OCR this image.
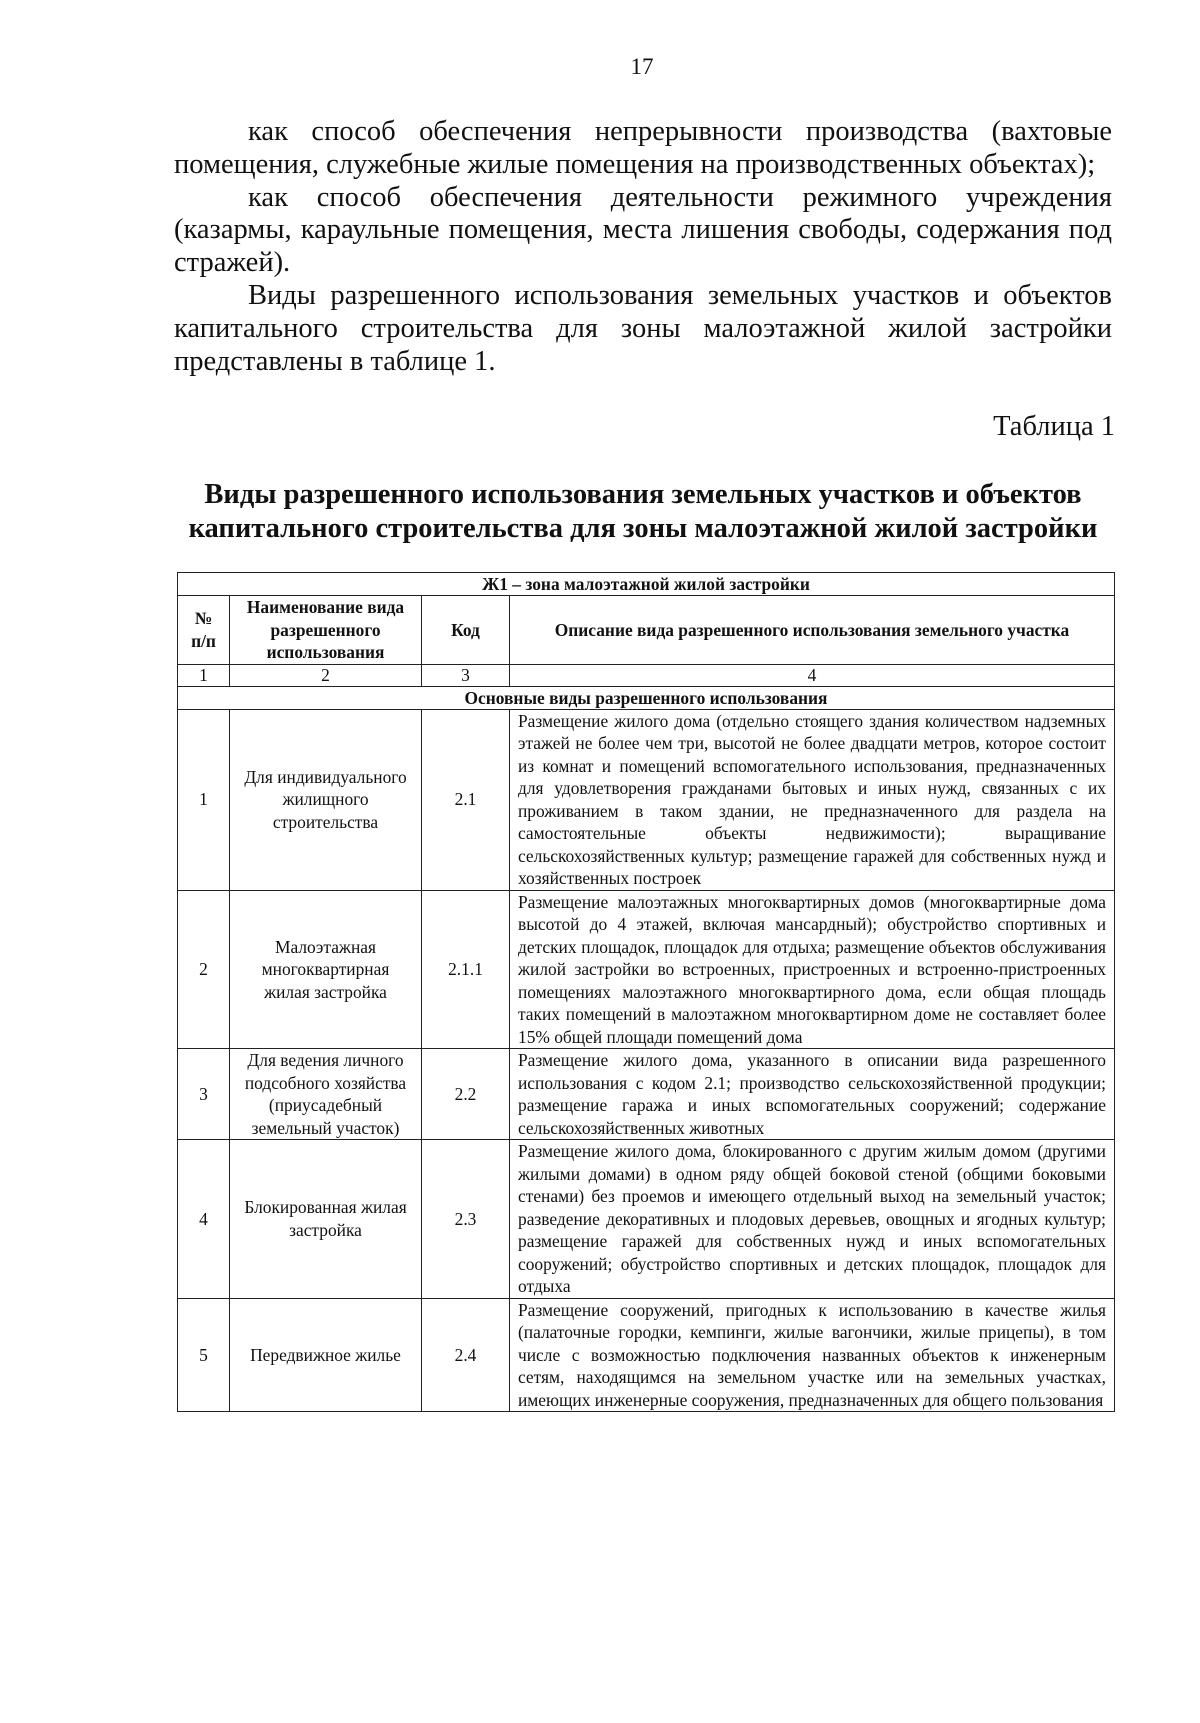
17

как способ обеспечения непрерывности производства (вахтовые помещения, служебные жилые помещения на производственных объектах);

как способ обеспечения деятельности режимного учреждения (казармы, караульные помещения, места лишения свободы, содержания под стражей).

Виды разрешенного использования земельных участков и объектов капитального строительства для зоны малоэтажной жилой застройки представлены в таблице 1.

Таблица 1
Виды разрешенного использования земельных участков и объектов капитального строительства для зоны малоэтажной жилой застройки
Ж1 – зона малоэтажной жилой застройки			
№ п/п	Наименование вида разрешенного использования	Код	Описание вида разрешенного использования земельного участка
1	2	3	4
Основные виды разрешенного использования			
1	Для индивидуального жилищного строительства	2.1	Размещение жилого дома (отдельно стоящего здания количеством надземных этажей не более чем три, высотой не более двадцати метров, которое состоит из комнат и помещений вспомогательного использования, предназначенных для удовлетворения гражданами бытовых и иных нужд, связанных с их проживанием в таком здании, не предназначенного для раздела на самостоятельные объекты недвижимости); выращивание сельскохозяйственных культур; размещение гаражей для собственных нужд и хозяйственных построек
2	Малоэтажная многоквартирная жилая застройка	2.1.1	Размещение малоэтажных многоквартирных домов (многоквартирные дома высотой до 4 этажей, включая мансардный); обустройство спортивных и детских площадок, площадок для отдыха; размещение объектов обслуживания жилой застройки во встроенных, пристроенных и встроенно-пристроенных помещениях малоэтажного многоквартирного дома, если общая площадь таких помещений в малоэтажном многоквартирном доме не составляет более 15% общей площади помещений дома
3	Для ведения личного подсобного хозяйства (приусадебный земельный участок)	2.2	Размещение жилого дома, указанного в описании вида разрешенного использования с кодом 2.1; производство сельскохозяйственной продукции; размещение гаража и иных вспомогательных сооружений; содержание сельскохозяйственных животных
4	Блокированная жилая застройка	2.3	Размещение жилого дома, блокированного с другим жилым домом (другими жилыми домами) в одном ряду общей боковой стеной (общими боковыми стенами) без проемов и имеющего отдельный выход на земельный участок; разведение декоративных и плодовых деревьев, овощных и ягодных культур; размещение гаражей для собственных нужд и иных вспомогательных сооружений; обустройство спортивных и детских площадок, площадок для отдыха
5	Передвижное жилье	2.4	Размещение сооружений, пригодных к использованию в качестве жилья (палаточные городки, кемпинги, жилые вагончики, жилые прицепы), в том числе с возможностью подключения названных объектов к инженерным сетям, находящимся на земельном участке или на земельных участках, имеющих инженерные сооружения, предназначенных для общего пользования
